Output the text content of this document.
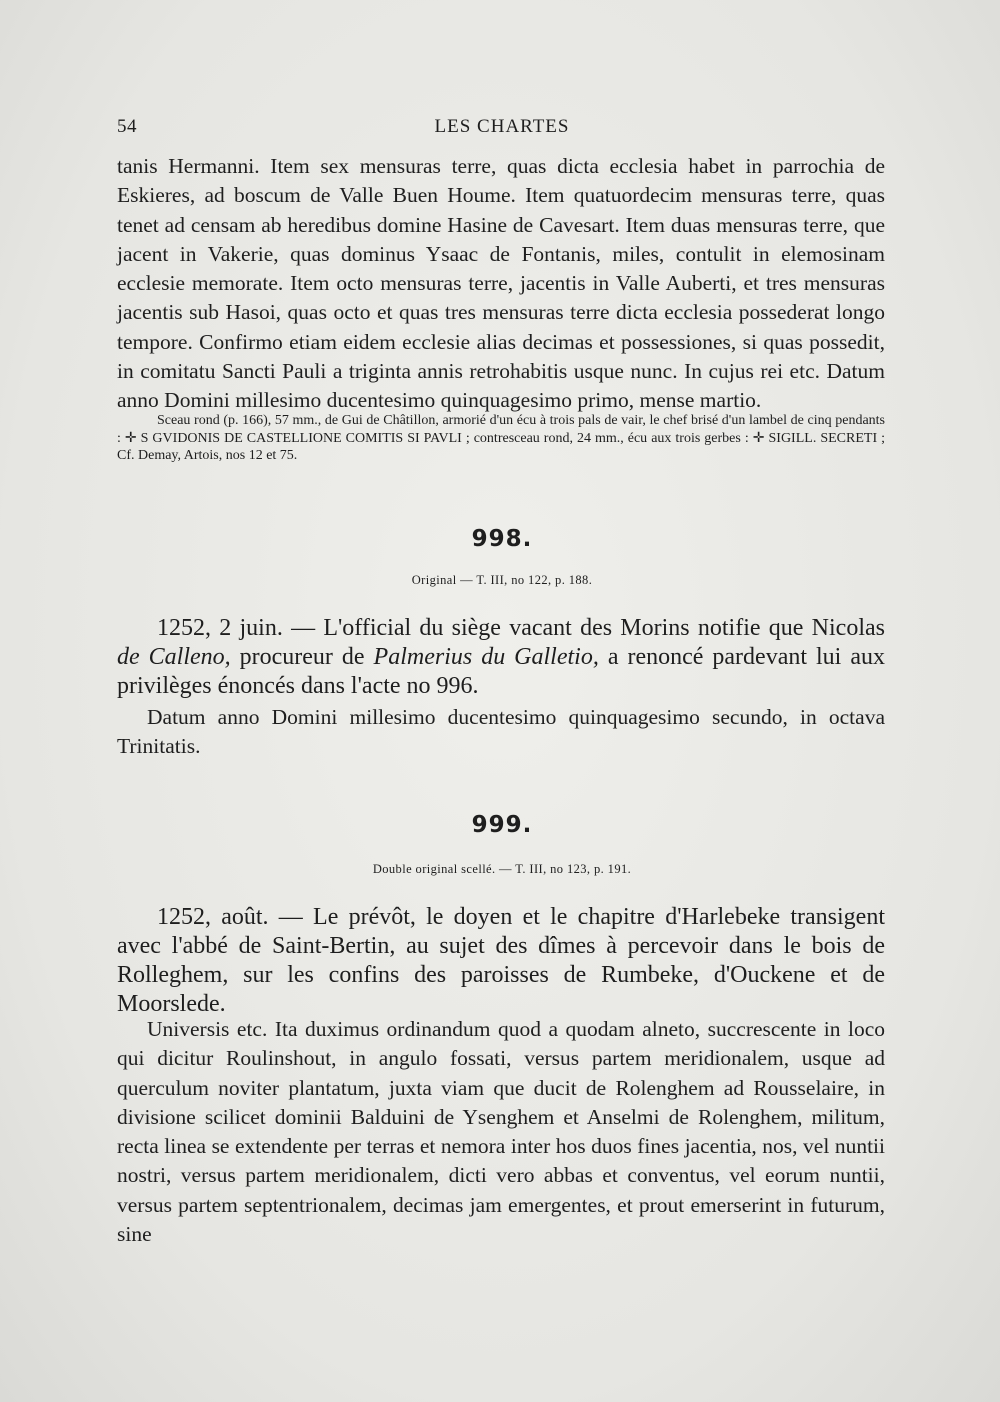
54	LES CHARTES

tanis Hermanni. Item sex mensuras terre, quas dicta ecclesia habet in parrochia de Eskieres, ad boscum de Valle Buen Houme. Item quatuordecim mensuras terre, quas tenet ad censam ab heredibus domine Hasine de Cavesart. Item duas mensuras terre, que jacent in Vakerie, quas dominus Ysaac de Fontanis, miles, contulit in elemosinam ecclesie memorate. Item octo mensuras terre, jacentis in Valle Auberti, et tres mensuras jacentis sub Hasoi, quas octo et quas tres mensuras terre dicta ecclesia possederat longo tempore. Confirmo etiam eidem ecclesie alias decimas et possessiones, si quas possedit, in comitatu Sancti Pauli a triginta annis retrohabitis usque nunc. In cujus rei etc. Datum anno Domini millesimo ducentesimo quinquagesimo primo, mense martio.

Sceau rond (p. 166), 57 mm., de Gui de Châtillon, armorié d'un écu à trois pals de vair, le chef brisé d'un lambel de cinq pendants : ✛ S GVIDONIS DE CASTELLIONE COMITIS SI PAVLI ; contresceau rond, 24 mm., écu aux trois gerbes : ✛ SIGILL. SECRETI ; Cf. Demay, Artois, nos 12 et 75.

998.
Original — T. III, no 122, p. 188.

1252, 2 juin. — L'official du siège vacant des Morins notifie que Nicolas de Calleno, procureur de Palmerius du Galletio, a renoncé pardevant lui aux privilèges énoncés dans l'acte no 996.

Datum anno Domini millesimo ducentesimo quinquagesimo secundo, in octava Trinitatis.

999.
Double original scellé. — T. III, no 123, p. 191.

1252, août. — Le prévôt, le doyen et le chapitre d'Harlebeke transigent avec l'abbé de Saint-Bertin, au sujet des dîmes à percevoir dans le bois de Rolleghem, sur les confins des paroisses de Rumbeke, d'Ouckene et de Moorslede.

Universis etc. Ita duximus ordinandum quod a quodam alneto, succrescente in loco qui dicitur Roulinshout, in angulo fossati, versus partem meridionalem, usque ad querculum noviter plantatum, juxta viam que ducit de Rolenghem ad Rousselaire, in divisione scilicet dominii Balduini de Ysenghem et Anselmi de Rolenghem, militum, recta linea se extendente per terras et nemora inter hos duos fines jacentia, nos, vel nuntii nostri, versus partem meridionalem, dicti vero abbas et conventus, vel eorum nuntii, versus partem septentrionalem, decimas jam emergentes, et prout emerserint in futurum, sine
